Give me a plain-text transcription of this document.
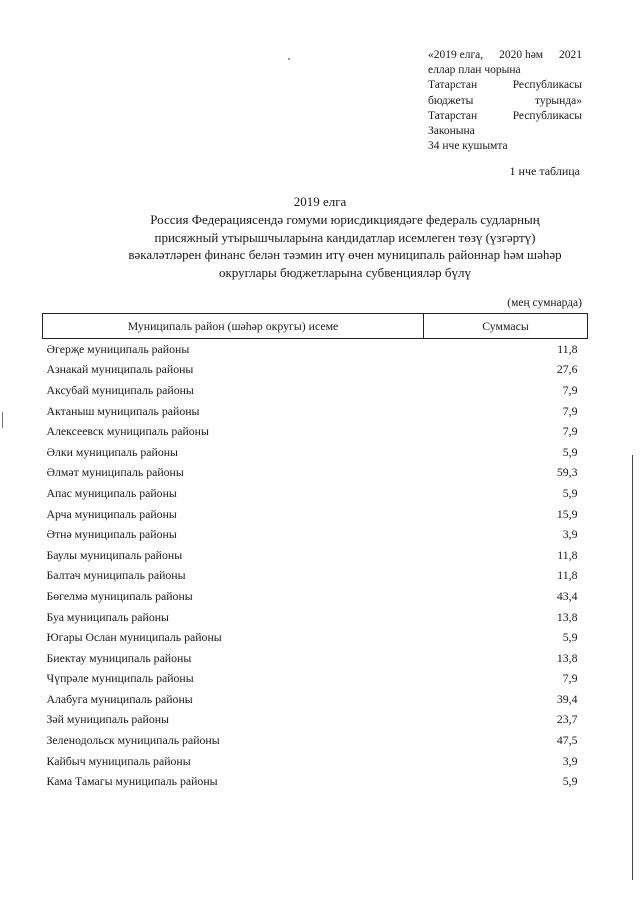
«2019 елга, 2020 һәм 2021
еллар план чорына
Татарстан	Республикасы
бюджеты	турында»
Татарстан	Республикасы
Законына
34 нче кушымта
1 нче таблица
2019 елга
Россия Федерациясендә гомуми юрисдикциядәге федераль судларның
присяжный утырышчыларына кандидатлар исемлеген төзү (үзгәртү)
вәкаләтләрен финанс белән тәэмин итү өчен муниципаль районнар һәм шәһәр
округлары бюджетларына субвенцияләр бүлү
(мең сумнарда)
Муниципаль район (шәһәр округы) исеме	Суммасы
Әгерҗе муниципаль районы	11,8
Азнакай муниципаль районы	27,6
Аксубай муниципаль районы	7,9
Актаныш муниципаль районы	7,9
Алексеевск муниципаль районы	7,9
Әлки муниципаль районы	5,9
Әлмәт муниципаль районы	59,3
Апас муниципаль районы	5,9
Арча муниципаль районы	15,9
Әтнә муниципаль районы	3,9
Баулы муниципаль районы	11,8
Балтач муниципаль районы	11,8
Бөгелмә муниципаль районы	43,4
Буа муниципаль районы	13,8
Югары Ослан муниципаль районы	5,9
Биектау муниципаль районы	13,8
Чүпрәле муниципаль районы	7,9
Алабуга муниципаль районы	39,4
Зәй муниципаль районы	23,7
Зеленодольск муниципаль районы	47,5
Кайбыч муниципаль районы	3,9
Кама Тамагы муниципаль районы	5,9
